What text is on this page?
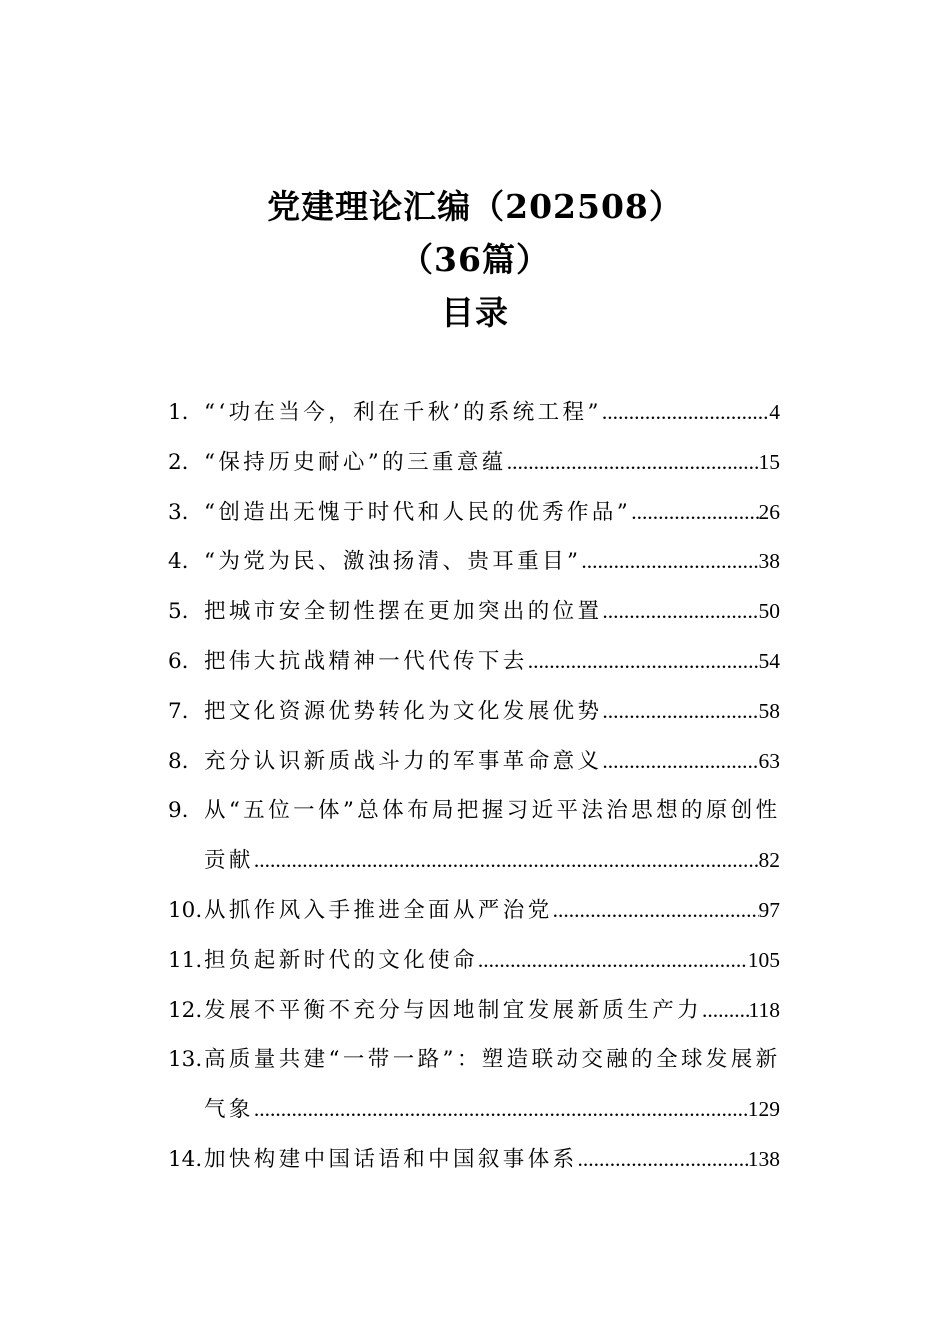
党建理论汇编（202508）

（36篇）

目录

1. “‘功在当今，利在千秋’的系统工程” .....	4
2. “保持历史耐心”的三重意蕴 .....	15
3. “创造出无愧于时代和人民的优秀作品” .....	26
4. “为党为民、激浊扬清、贵耳重目” .....	38
5. 把城市安全韧性摆在更加突出的位置 .....	50
6. 把伟大抗战精神一代代传下去 .....	54
7. 把文化资源优势转化为文化发展优势 .....	58
8. 充分认识新质战斗力的军事革命意义 .....	63
9. 从“五位一体”总体布局把握习近平法治思想的原创性
贡献 .....	82
10. 从抓作风入手推进全面从严治党 .....	97
11. 担负起新时代的文化使命 .....	105
12. 发展不平衡不充分与因地制宜发展新质生产力 ..... 118
13. 高质量共建“一带一路”：塑造联动交融的全球发展新
气象 .....	129
14. 加快构建中国话语和中国叙事体系 .....	138
